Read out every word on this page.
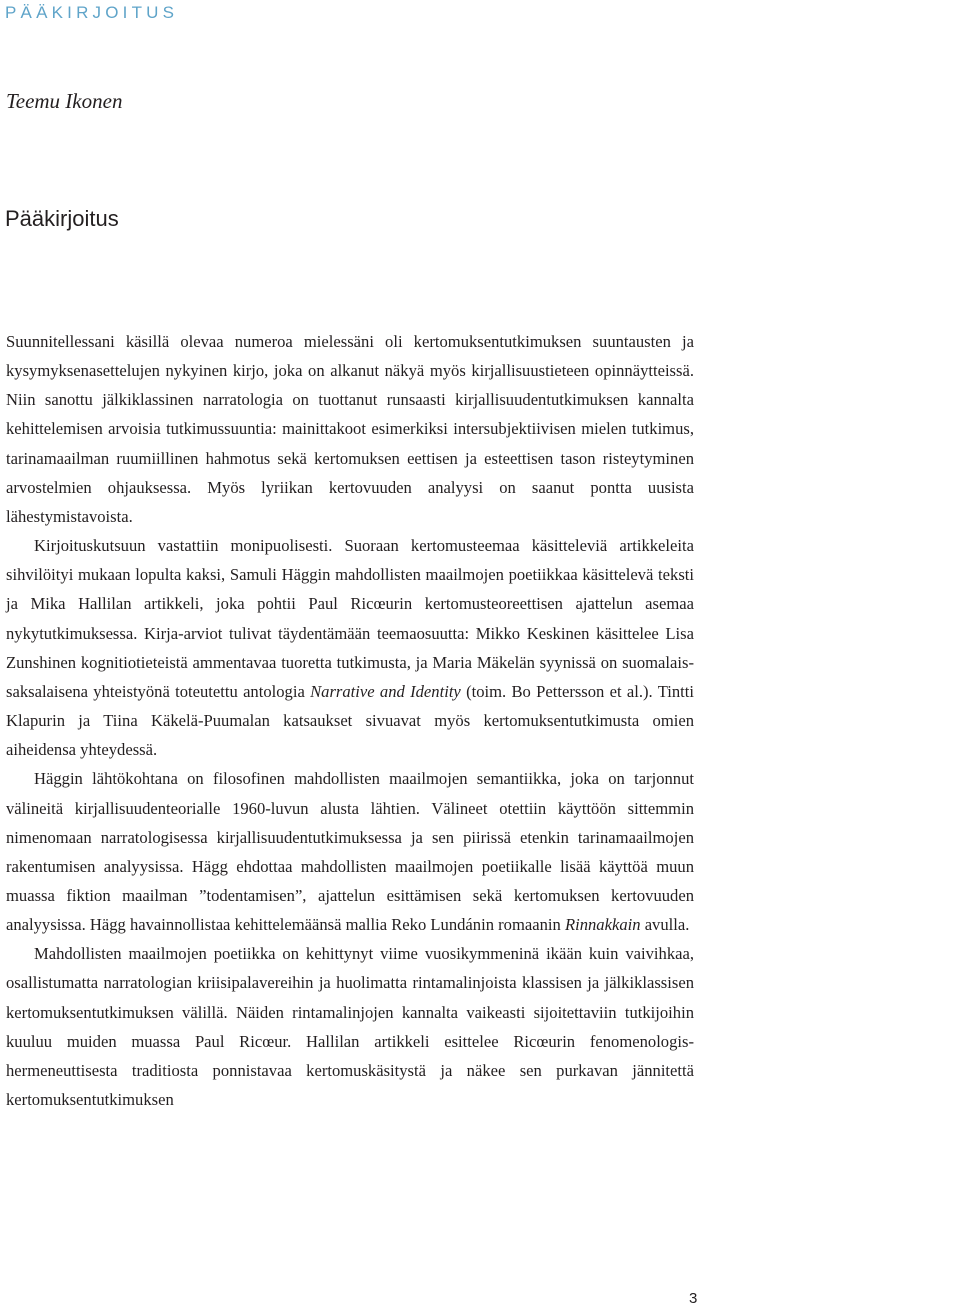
PÄÄKIRJOITUS
Teemu Ikonen
Pääkirjoitus

Suunnitellessani käsillä olevaa numeroa mielessäni oli kertomuksentutkimuksen suuntausten ja kysymyksenasettelujen nykyinen kirjo, joka on alkanut näkyä myös kirjallisuustieteen opinnäytteissä. Niin sanottu jälkiklassinen narratologia on tuottanut runsaasti kirjallisuudentutkimuksen kannalta kehittelemisen arvoisia tutkimussuuntia: mainittakoot esimerkiksi intersubjektiivisen mielen tutkimus, tarinamaailman ruumiillinen hahmotus sekä kertomuksen eettisen ja esteettisen tason risteytyminen arvostelmien ohjauksessa. Myös lyriikan kertovuuden analyysi on saanut pontta uusista lähestymistavoista.

Kirjoituskutsuun vastattiin monipuolisesti. Suoraan kertomusteemaa käsitteleviä artikkeleita sihvilöityi mukaan lopulta kaksi, Samuli Häggin mahdollisten maailmojen poetiikkaa käsittelevä teksti ja Mika Hallilan artikkeli, joka pohtii Paul Ricœurin kertomusteoreettisen ajattelun asemaa nykytutkimuksessa. Kirja-arviot tulivat täydentämään teemaosuutta: Mikko Keskinen käsittelee Lisa Zunshinen kognitiotieteistä ammentavaa tuoretta tutkimusta, ja Maria Mäkelän syynissä on suomalais-saksalaisena yhteistyönä toteutettu antologia Narrative and Identity (toim. Bo Pettersson et al.). Tintti Klapurin ja Tiina Käkelä-Puumalan katsaukset sivuavat myös kertomuksentutkimusta omien aiheidensa yhteydessä.

Häggin lähtökohtana on filosofinen mahdollisten maailmojen semantiikka, joka on tarjonnut välineitä kirjallisuudenteorialle 1960-luvun alusta lähtien. Välineet otettiin käyttöön sittemmin nimenomaan narratologisessa kirjallisuudentutkimuksessa ja sen piirissä etenkin tarinamaailmojen rakentumisen analyysissa. Hägg ehdottaa mahdollisten maailmojen poetiikalle lisää käyttöä muun muassa fiktion maailman ”todentamisen”, ajattelun esittämisen sekä kertomuksen kertovuuden analyysissa. Hägg havainnollistaa kehittelemäänsä mallia Reko Lundánin romaanin Rinnakkain avulla.

Mahdollisten maailmojen poetiikka on kehittynyt viime vuosikymmeninä ikään kuin vaivihkaa, osallistumatta narratologian kriisipalavereihin ja huolimatta rintamalinjoista klassisen ja jälkiklassisen kertomuksentutkimuksen välillä. Näiden rintamalinjojen kannalta vaikeasti sijoitettaviin tutkijoihin kuuluu muiden muassa Paul Ricœur. Hallilan artikkeli esittelee Ricœurin fenomenologis-hermeneuttisesta traditiosta ponnistavaa kertomuskäsitystä ja näkee sen purkavan jännitettä kertomuksentutkimuksen

3
